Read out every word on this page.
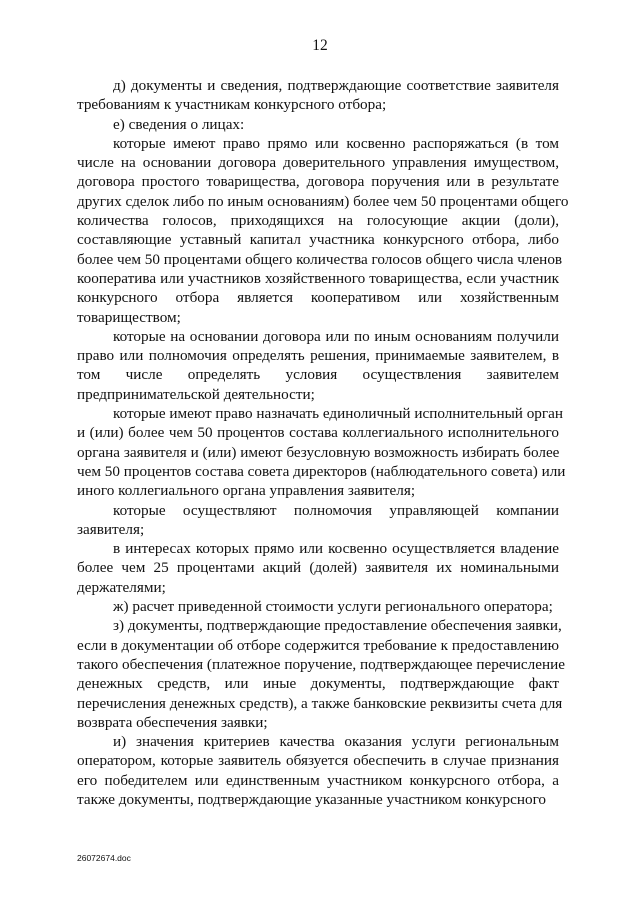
12
д) документы и сведения, подтверждающие соответствие заявителя
требованиям к участникам конкурсного отбора;
е) сведения о лицах:
которые имеют право прямо или косвенно распоряжаться (в том
числе на основании договора доверительного управления имуществом,
договора простого товарищества, договора поручения или в результате
других сделок либо по иным основаниям) более чем 50 процентами общего
количества голосов, приходящихся на голосующие акции (доли),
составляющие уставный капитал участника конкурсного отбора, либо
более чем 50 процентами общего количества голосов общего числа членов
кооператива или участников хозяйственного товарищества, если участник
конкурсного отбора является кооперативом или хозяйственным
товариществом;
которые на основании договора или по иным основаниям получили
право или полномочия определять решения, принимаемые заявителем, в
том числе определять условия осуществления заявителем
предпринимательской деятельности;
которые имеют право назначать единоличный исполнительный орган
и (или) более чем 50 процентов состава коллегиального исполнительного
органа заявителя и (или) имеют безусловную возможность избирать более
чем 50 процентов состава совета директоров (наблюдательного совета) или
иного коллегиального органа управления заявителя;
которые осуществляют полномочия управляющей компании
заявителя;
в интересах которых прямо или косвенно осуществляется владение
более чем 25 процентами акций (долей) заявителя их номинальными
держателями;
ж) расчет приведенной стоимости услуги регионального оператора;
з) документы, подтверждающие предоставление обеспечения заявки,
если в документации об отборе содержится требование к предоставлению
такого обеспечения (платежное поручение, подтверждающее перечисление
денежных средств, или иные документы, подтверждающие факт
перечисления денежных средств), а также банковские реквизиты счета для
возврата обеспечения заявки;
и) значения критериев качества оказания услуги региональным
оператором, которые заявитель обязуется обеспечить в случае признания
его победителем или единственным участником конкурсного отбора, а
также документы, подтверждающие указанные участником конкурсного
26072674.doc
